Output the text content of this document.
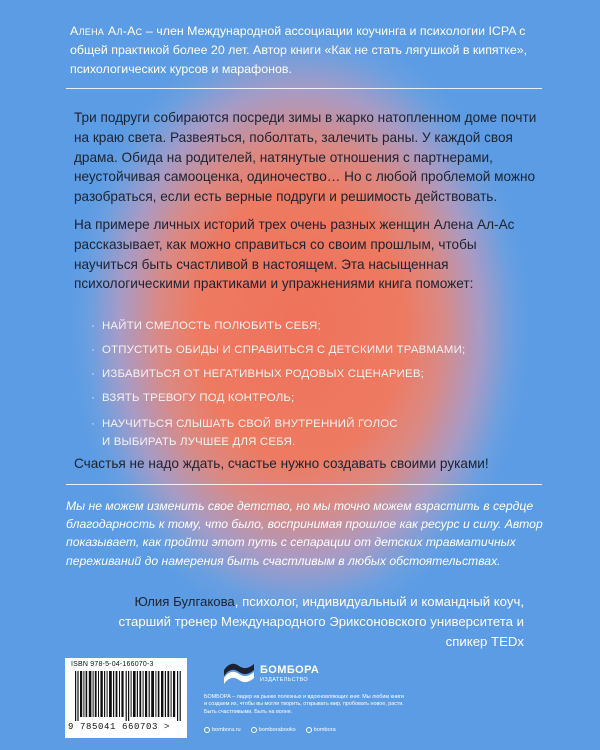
Алена Ал-Ас – член Международной ассоциации коучинга и психологии ICPA с общей практикой более 20 лет. Автор книги «Как не стать лягушкой в кипятке», психологических курсов и марафонов.

Три подруги собираются посреди зимы в жарко натопленном доме почти на краю света. Развеяться, поболтать, залечить раны. У каждой своя драма. Обида на родителей, натянутые отношения с партнерами, неустойчивая самооценка, одиночество… Но с любой проблемой можно разобраться, если есть верные подруги и решимость действовать.

На примере личных историй трех очень разных женщин Алена Ал-Ас рассказывает, как можно справиться со своим прошлым, чтобы научиться быть счастливой в настоящем. Эта насыщенная психологическими практиками и упражнениями книга поможет:

· НАЙТИ СМЕЛОСТЬ ПОЛЮБИТЬ СЕБЯ;
· ОТПУСТИТЬ ОБИДЫ И СПРАВИТЬСЯ С ДЕТСКИМИ ТРАВМАМИ;
· ИЗБАВИТЬСЯ ОТ НЕГАТИВНЫХ РОДОВЫХ СЦЕНАРИЕВ;
· ВЗЯТЬ ТРЕВОГУ ПОД КОНТРОЛЬ;
· НАУЧИТЬСЯ СЛЫШАТЬ СВОЙ ВНУТРЕННИЙ ГОЛОС
И ВЫБИРАТЬ ЛУЧШЕЕ ДЛЯ СЕБЯ.

Счастья не надо ждать, счастье нужно создавать своими руками!

Мы не можем изменить свое детство, но мы точно можем взрастить в сердце благодарность к тому, что было, воспринимая прошлое как ресурс и силу. Автор показывает, как пройти этот путь с сепарации от детских травматичных переживаний до намерения быть счастливым в любых обстоятельствах.

Юлия Булгакова, психолог, индивидуальный и командный коуч, старший тренер Международного Эриксоновского университета и спикер TEDx

ISBN 978-5-04-166070-3
9 785041 660703 >
БОМБОРА
ИЗДАТЕЛЬСТВО

БОМБОРА – лидер на рынке полезных и вдохновляющих книг. Мы любим книги и создаем их, чтобы вы могли творить, открывать мир, пробовать новое, расти. Быть счастливыми. Быть на волне.

bombora.ru	bomborabooks	bombora
